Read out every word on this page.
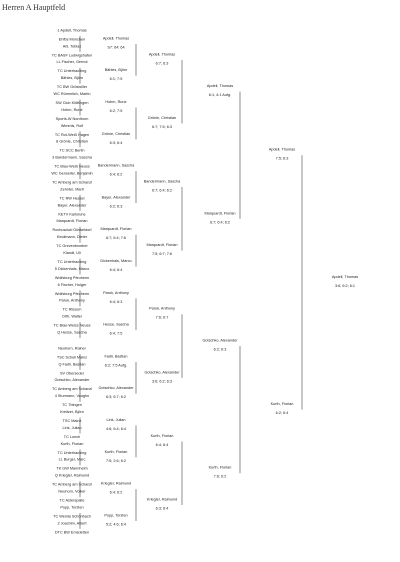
Herren A Hauptfeld
1 Apdell, Thomas
Ehfbs Monchen
Arli, Tobias
TC BASF Ludwigshafen
LL Fischer, Gernot
TC Unterhaching
Bähles, Björn
TC BW Gröswiller
WC Rümmlich, Martin
SW Club Klöttingen
Hohm, Rune
Sports-W Nordhorn
Wimmis, Rolf
TC Rot-Weiß Hagen
8 Grönie, Christian
TC SCC Berlin
3 Bandermann, Sascha
TC Blau-Weiß Neuss
WC Genseller, Benjamin
TC Amberg am Schanzl
Zehnter, Marit
TC RW Hessel
Bayer, Alexander
KETV Karlsruhe
Marquardt, Florian
Rochusclub Düsseldorf
Kindimann, Dieter
TC Grevenbroeker
Klandt, Uli
TC Unterhaching
5 Dickenhals, Marco
Wolfsburg Pfeuhenn
6 Fischer, Holger
Wolfsburg Pfeuhenn
Paruk, Anthony
TC Rissum
Orth, Walter
TC Blau-Weiss Neuss
Q Hesse, Sascha
Neuhorn, Rainer
TSC Schell Mainz
Q Fadli, Bastian
SV Oberseder
Gotschko, Alexander
TC Amberg am Schanzl
4 Sturmann, Vaughn
TC Tbingen
Kreitzer, Björn
TSC Mainz
Link, Julian
TC Lonch
Kurth, Florian
TC Unterhaching
LL Burger, Marc
TK GW Mannheim
Q Kriegler, Raimund
TC Amberg am Schanzl
Neuhorn, Volker
TC Asterspalte
Popp, Torsten
TC Weinla Schönbach
2 Joachim, Albert
DTC BW Emsdetten
Apdell, Thomas
S7: 64: 64
Bähles, Björn
6:1; 7:5
Hohm, Rune
6:2; 7:5
Grönie, Christian
6:3; 6:4
Bandermann, Sascha
6:4; 6:2
Bayer, Alexander
6:2; 6:3
Marquardt, Florian
6:7; 6:4; 7:6
Dickenhals, Marco
6:4; 6:4
Paruk, Anthony
6:4; 6:3
Hesse, Sascha
6:4; 7:5
Fadli, Bastian
6:2; 7:5 Aufg.
Gotschko, Alexander
6:3; 6:7; 6:2
Link, Julian
4:6; 6:4; 6:4
Kurth, Florian
7:5; 2:6; 6:2
Kriegler, Raimund
6:4; 6:2
Popp, Torsten
5:2; 4:6; 6:4
Apdell, Thomas
6:7; 6:3
Grönie, Christian
6:7; 7:5; 6:3
Bandermann, Sascha
6:7; 6:4; 6:2
Marquardt, Florian
7:5; 6:7; 7:6
Paruk, Anthony
7:6; 6:7
Gotschko, Alexander
3:6; 6:2; 6:3
Kurth, Florian
6:4; 6:4
Kriegler, Raimund
6:3; 6:4
Apdell, Thomas
6:1; 4:1 Aufg.
Marquardt, Florian
6:7; 6:4; 6:2
Gotschko, Alexander
6:2; 6:3
Kurth, Florian
7:6; 6:2
Apdell, Thomas
7:5; 6:3
Kurth, Florian
6:2; 6:4
Apdell, Thomas
3:6; 6:2; 6:1
